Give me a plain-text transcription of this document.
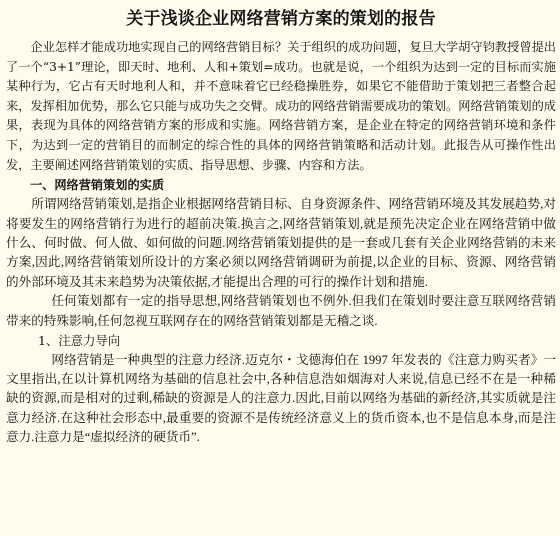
关于浅谈企业网络营销方案的策划的报告

企业怎样才能成功地实现自己的网络营销目标？关于组织的成功问题，复旦大学胡守钧教授曾提出了一个“3+1”理论，即天时、地利、人和+策划=成功。也就是说，一个组织为达到一定的目标而实施某种行为，它占有天时地利人和，并不意味着它已经稳操胜券，如果它不能借助于策划把三者整合起来，发挥相加优势，那么它只能与成功失之交臂。成功的网络营销需要成功的策划。网络营销策划的成果，表现为具体的网络营销方案的形成和实施。网络营销方案，是企业在特定的网络营销环境和条件下，为达到一定的营销目的而制定的综合性的具体的网络营销策略和活动计划。此报告从可操作性出发，主要阐述网络营销策划的实质、指导思想、步骤、内容和方法。

一、网络营销策划的实质

所谓网络营销策划,是指企业根据网络营销目标、自身资源条件、网络营销环境及其发展趋势,对将要发生的网络营销行为进行的超前决策.换言之,网络营销策划,就是预先决定企业在网络营销中做什么、何时做、何人做、如何做的问题.网络营销策划提供的是一套或几套有关企业网络营销的未来方案,因此,网络营销策划所设计的方案必须以网络营销调研为前提,以企业的目标、资源、网络营销的外部环境及其未来趋势为决策依据,才能提出合理的可行的操作计划和措施.

任何策划都有一定的指导思想,网络营销策划也不例外.但我们在策划时要注意互联网络营销带来的特殊影响,任何忽视互联网存在的网络营销策划都是无稽之谈.

1、注意力导向

网络营销是一种典型的注意力经济.迈克尔・戈德海伯在 1997 年发表的《注意力购买者》一文里指出,在以计算机网络为基础的信息社会中,各种信息浩如烟海对人来说,信息已经不在是一种稀缺的资源,而是相对的过剩,稀缺的资源是人的注意力.因此,目前以网络为基础的新经济,其实质就是注意力经济.在这种社会形态中,最重要的资源不是传统经济意义上的货币资本,也不是信息本身,而是注意力.注意力是“虚拟经济的硬货币”.
